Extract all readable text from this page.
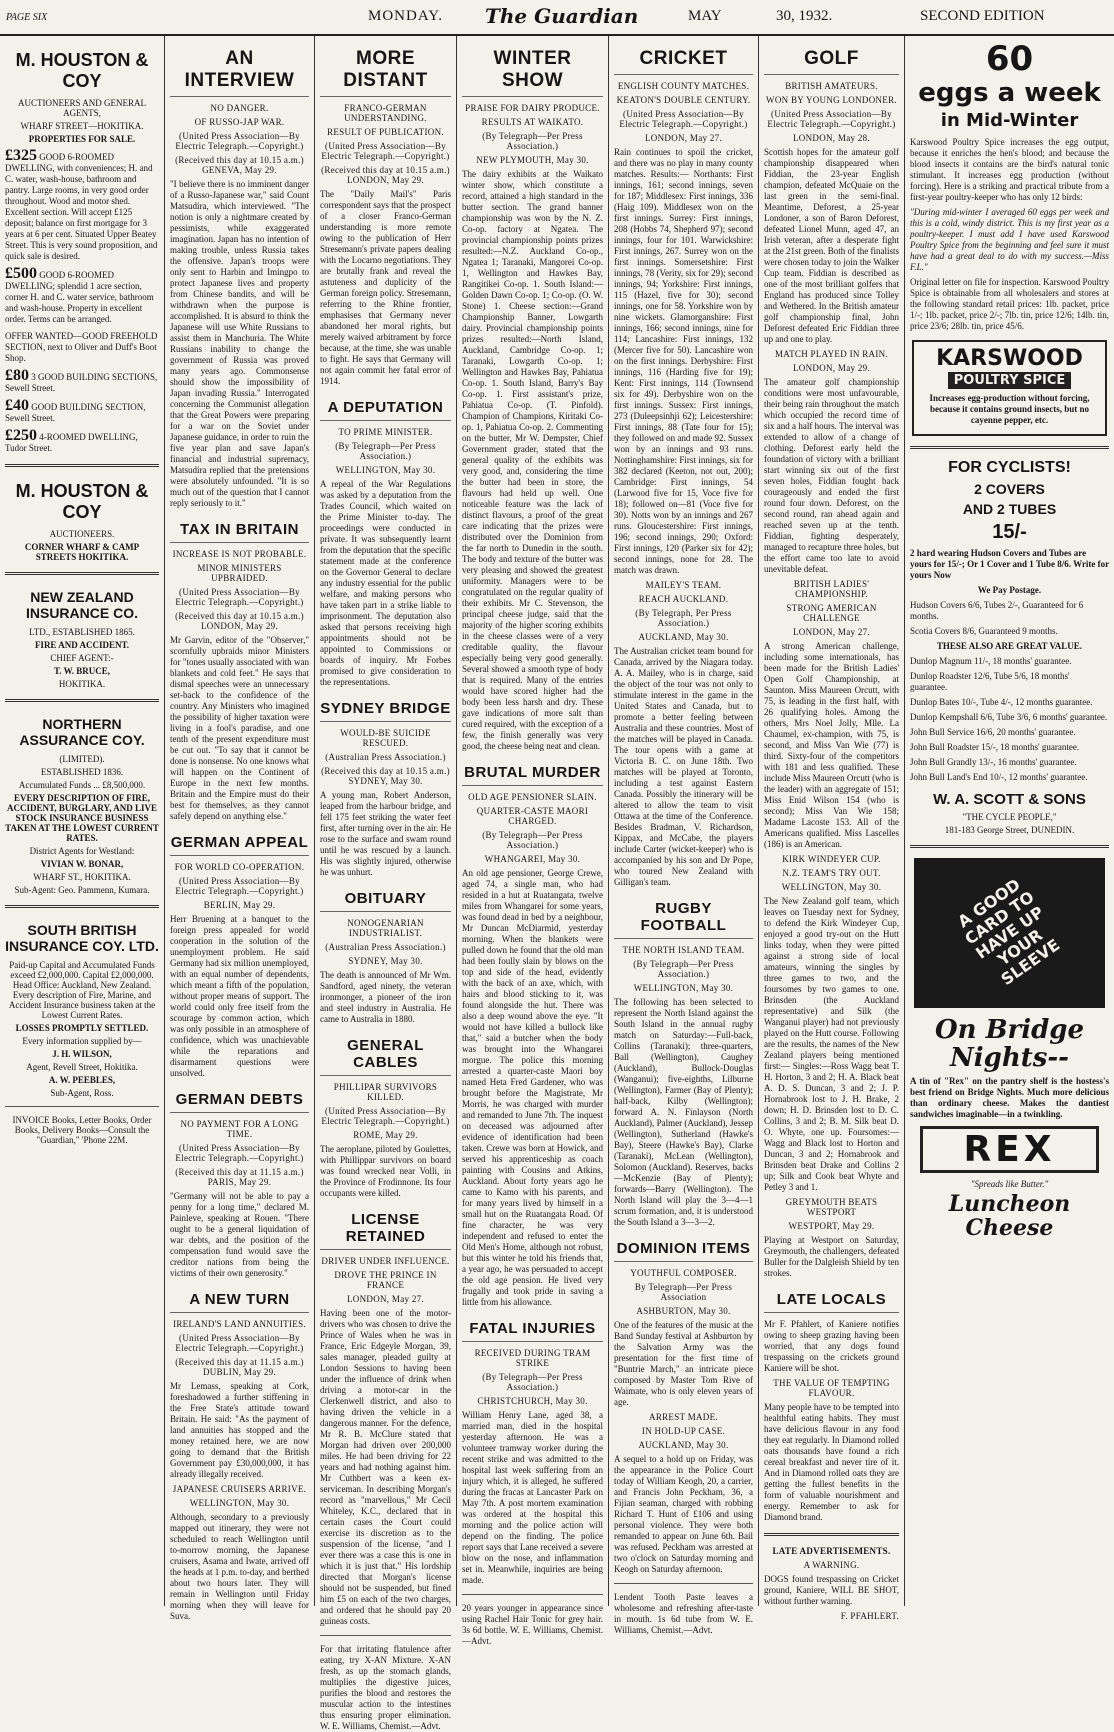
PAGE SIX	MONDAY. The Guardian	MAY	30, 1932.	SECOND EDITION
M. HOUSTON & COY
AUCTIONEERS AND GENERAL AGENTS,
WHARF STREET—HOKITIKA.
PROPERTIES FOR SALE.
£325 GOOD 6-ROOMED DWELLING, with conveniences; H. and C. water, wash-house, bathroom and pantry. Large rooms, in very good order throughout. Wood and motor shed. Excellent section. Will accept £125 deposit; balance on first mortgage for 3 years at 6 per cent. Situated Upper Beatey Street. This is very sound proposition, and quick sale is desired.
£500 GOOD 6-ROOMED DWELLING; splendid 1 acre section, corner H. and C. water service, bathroom and wash-house. Property in excellent order. Terms can be arranged.
OFFER WANTED—GOOD FREEHOLD SECTION, next to Oliver and Duff's Boot Shop.
£80 3 GOOD BUILDING SECTIONS, Sewell Street.
£40 GOOD BUILDING SECTION, Sewell Street.
£250 4-ROOMED DWELLING, Tudor Street.
M. HOUSTON & COY
AUCTIONEERS.
CORNER WHARF & CAMP STREETS HOKITIKA.
NEW ZEALAND INSURANCE CO.
LTD., ESTABLISHED 1865.
FIRE AND ACCIDENT.
CHIEF AGENT:-
T. W. BRUCE,
HOKITIKA.
NORTHERN ASSURANCE COY.
(LIMITED).
ESTABLISHED 1836.
Accumulated Funds ... £8,500,000.
EVERY DESCRIPTION OF FIRE, ACCIDENT, BURGLARY, AND LIVE STOCK INSURANCE BUSINESS TAKEN AT THE LOWEST CURRENT RATES.
District Agents for Westland:
VIVIAN W. BONAR,
WHARF ST., HOKITIKA.
Sub-Agent: Geo. Pammenn, Kumara.
SOUTH BRITISH INSURANCE COY. LTD.
Paid-up Capital and Accumulated Funds exceed £2,000,000. Capital £2,000,000. Head Office: Auckland, New Zealand. Every description of Fire, Marine, and Accident Insurance business taken at the Lowest Current Rates.
LOSSES PROMPTLY SETTLED.
Every information supplied by—
J. H. WILSON,
Agent, Revell Street, Hokitika.
A. W. PEEBLES,
Sub-Agent, Ross.
INVOICE Books, Letter Books, Order Books, Delivery Books—Consult the "Guardian," 'Phone 22M.
AN INTERVIEW
NO DANGER.
OF RUSSO-JAP WAR.
(United Press Association—By Electric Telegraph.—Copyright.)
(Received this day at 10.15 a.m.) GENEVA, May 29.
"I believe there is no imminent danger of a Russo-Japanese war," said Count Matsudira, which interviewed. "The notion is only a nightmare created by pessimists, while exaggerated imagination. Japan has no intention of making trouble, unless Russia takes the offensive. Japan's troops were only sent to Harbin and Imingpo to protect Japanese lives and property from Chinese bandits, and will be withdrawn when the purpose is accomplished. It is absurd to think the Japanese will use White Russians to assist them in Manchuria. The White Russians inability to change the government of Russia was proved many years ago. Commonsense should show the impossibility of Japan invading Russia." Interrogated concerning the Communist allegation that the Great Powers were preparing for a war on the Soviet under Japanese guidance, in order to ruin the five year plan and save Japan's financial and industrial supremacy, Matsudira replied that the pretensions were absolutely unfounded. "It is so much out of the question that I cannot reply seriously to it."
TAX IN BRITAIN
INCREASE IS NOT PROBABLE.
MINOR MINISTERS UPBRAIDED.
(United Press Association—By Electric Telegraph.—Copyright.)
(Received this day at 10.15 a.m.) LONDON, May 29.
Mr Garvin, editor of the "Observer," scornfully upbraids minor Ministers for "tones usually associated with wan blankets and cold feet." He says that dismal speeches were an unnecessary set-back to the confidence of the country. Any Ministers who imagined the possibility of higher taxation were living in a fool's paradise, and one tenth of the present expenditure must be cut out. "To say that it cannot be done is nonsense. No one knows what will happen on the Continent of Europe in the next few months. Britain and the Empire must do their best for themselves, as they cannot safely depend on anything else."
GERMAN APPEAL
FOR WORLD CO-OPERATION.
(United Press Association—By Electric Telegraph.—Copyright.)
BERLIN, May 29.
Herr Bruening at a banquet to the foreign press appealed for world cooperation in the solution of the unemployment problem. He said Germany had six million unemployed, with an equal number of dependents, which meant a fifth of the population, without proper means of support. The world could only free itself from the scourage by common action, which was only possible in an atmosphere of confidence, which was unachievable while the reparations and disarmament questions were unsolved.
GERMAN DEBTS
NO PAYMENT FOR A LONG TIME.
(United Press Association—By Electric Telegraph.—Copyright.)
(Received this day at 11.15 a.m.) PARIS, May 29.
"Germany will not be able to pay a penny for a long time," declared M. Painleve, speaking at Rouen. "There ought to be a general liquidation of war debts, and the position of the compensation fund would save the creditor nations from being the victims of their own generosity."
A NEW TURN
IRELAND'S LAND ANNUITIES.
(United Press Association—By Electric Telegraph.—Copyright.)
(Received this day at 11.15 a.m.) DUBLIN, May 29.
Mr Lemass, speaking at Cork, foreshadowed a further stiffening in the Free State's attitude toward Britain. He said: "As the payment of land annuities has stopped and the money retained here, we are now going to demand that the British Government pay £30,000,000, it has already illegally received.
JAPANESE CRUISERS ARRIVE.
WELLINGTON, May 30.
Although, secondary to a previously mapped out itinerary, they were not scheduled to reach Wellington until to-morrow morning, the Japanese cruisers, Asama and Iwate, arrived off the heads at 1 p.m. to-day, and berthed about two hours later. They will remain in Wellington until Friday morning when they will leave for Suva.
MORE DISTANT
FRANCO-GERMAN UNDERSTANDING.
RESULT OF PUBLICATION.
(United Press Association—By Electric Telegraph.—Copyright.)
(Received this day at 10.15 a.m.) LONDON, May 29.
The "Daily Mail's" Paris correspondent says that the prospect of a closer Franco-German understanding is more remote owing to the publication of Herr Stresemann's private papers dealing with the Locarno negotiations. They are brutally frank and reveal the astuteness and duplicity of the German foreign policy. Stresemann, referring to the Rhine frontier, emphasises that Germany never abandoned her moral rights, but merely waived arbitrament by force because, at the time, she was unable to fight. He says that Germany will not again commit her fatal error of 1914.
A DEPUTATION
TO PRIME MINISTER.
(By Telegraph—Per Press Association.)
WELLINGTON, May 30.
A repeal of the War Regulations was asked by a deputation from the Trades Council, which waited on the Prime Minister to-day. The proceedings were conducted in private. It was subsequently learnt from the deputation that the specific statement made at the conference on the Governor General to declare any industry essential for the public welfare, and making persons who have taken part in a strike liable to imprisonment. The deputation also asked that persons receiving high appointments should not be appointed to Commissions or boards of inquiry. Mr Forbes promised to give consideration to the representations.
SYDNEY BRIDGE
WOULD-BE SUICIDE RESCUED.
(Australian Press Association.)
(Received this day at 10.15 a.m.) SYDNEY, May 30.
A young man, Robert Anderson, leaped from the harbour bridge, and fell 175 feet striking the water feet first, after turning over in the air. He rose to the surface and swam round until he was rescued by a launch. His was slightly injured, otherwise he was unhurt.
OBITUARY
NONOGENARIAN INDUSTRIALIST.
(Australian Press Association.)
SYDNEY, May 30.
The death is announced of Mr Wm. Sandford, aged ninety, the veteran ironmonger, a pioneer of the iron and steel industry in Australia. He came to Australia in 1880.
GENERAL CABLES
PHILLIPAR SURVIVORS KILLED.
(United Press Association—By Electric Telegraph.—Copyright.)
ROME, May 29.
The aeroplane, piloted by Goulettes, with Phillippar survivors on board was found wrecked near Volli, in the Province of Frodinnone. Its four occupants were killed.
LICENSE RETAINED
DRIVER UNDER INFLUENCE.
DROVE THE PRINCE IN FRANCE
LONDON, May 27.
Having been one of the motor-drivers who was chosen to drive the Prince of Wales when he was in France, Eric Edgeyle Morgan, 39, sales manager, pleaded guilty at London Sessions to having been under the influence of drink when driving a motor-car in the Clerkenwell district, and also to having driven the vehicle in a dangerous manner. For the defence, Mr R. B. McClure stated that Morgan had driven over 200,000 miles. He had been driving for 22 years and had nothing against him. Mr Cuthbert was a keen ex-serviceman. In describing Morgan's record as "marvellous," Mr Cecil Whiteley, K.C., declared that in certain cases the Court could exercise its discretion as to the suspension of the license, "and I ever there was a case this is one in which it is just that." His lordship directed that Morgan's license should not be suspended, but fined him £5 on each of the two charges, and ordered that he should pay 20 guineas costs.
For that irritating flatulence after eating, try X-AN Mixture. X-AN fresh, as up the stomach glands, multiplies the digestive juices, purifies the blood and restores the muscular action to the intestines thus ensuring proper elimination. W. E. Williams, Chemist.—Advt.
WINTER SHOW
PRAISE FOR DAIRY PRODUCE.
RESULTS AT WAIKATO.
(By Telegraph—Per Press Association.)
NEW PLYMOUTH, May 30.
The dairy exhibits at the Waikato winter show, which constitute a record, attained a high standard in the butter section. The grand banner championship was won by the N. Z. Co-op. factory at Ngatea. The provincial championship points prizes resulted:—N.Z. Auckland Co-op., Ngatea 1; Taranaki, Mangorei Co-op. 1, Wellington and Hawkes Bay, Rangitikei Co-op. 1. South Island:—Golden Dawn Co-op. 1; Co-op. (O. W. Stone) 1. Cheese section:—Grand Championship Banner, Lowgarth dairy. Provincial championship points prizes resulted:—North Island, Auckland, Cambridge Co-op. 1; Taranaki, Lowgarth Co-op. 1; Wellington and Hawkes Bay, Pahiatua Co-op. 1. South Island, Barry's Bay Co-op. 1. First assistant's prize, Pahiatua Co-op. (T. Pinfold). Champion of Champions, Kiritaki Co-op. 1, Pahiatua Co-op. 2. Commenting on the butter, Mr W. Dempster, Chief Government grader, stated that the general quality of the exhibits was very good, and, considering the time the butter had been in store, the flavours had held up well. One noticeable feature was the lack of distinct flavours, a proof of the great care indicating that the prizes were distributed over the Dominion from the far north to Dunedin in the south. The body and texture of the butter was very pleasing and showed the greatest uniformity. Managers were to be congratulated on the regular quality of their exhibits. Mr C. Stevenson, the principal cheese judge, said that the majority of the higher scoring exhibits in the cheese classes were of a very creditable quality, the flavour especially being very good generally. Several showed a smooth type of body that is required. Many of the entries would have scored higher had the body been less harsh and dry. These gave indications of more salt than cured required, with the exception of a few, the finish generally was very good, the cheese being neat and clean.
BRUTAL MURDER
OLD AGE PENSIONER SLAIN.
QUARTER-CASTE MAORI CHARGED.
(By Telegraph—Per Press Association.)
WHANGAREI, May 30.
An old age pensioner, George Crewe, aged 74, a single man, who had resided in a hut at Ruatangata, twelve miles from Whangarei for some years, was found dead in bed by a neighbour, Mr Duncan McDiarmid, yesterday morning. When the blankets were pulled down he found that the old man had been foully slain by blows on the top and side of the head, evidently with the back of an axe, which, with hairs and blood sticking to it, was found alongside the hut. There was also a deep wound above the eye. "It would not have killed a bullock like that," said a butcher when the body was brought into the Whangarei morgue. The police this morning arrested a quarter-caste Maori boy named Heta Fred Gardener, who was brought before the Magistrate, Mr Morris, he was charged with murder and remanded to June 7th. The inquest on deceased was adjourned after evidence of identification had been taken. Crewe was born at Howick, and served his apprenticeship as coach painting with Cousins and Atkins, Auckland. About forty years ago he came to Kamo with his parents, and for many years lived by himself in a small hut on the Ruatangata Road. Of fine character, he was very independent and refused to enter the Old Men's Home, although not robust, but this winter he told his friends that, a year ago, he was persuaded to accept the old age pension. He lived very frugally and took pride in saving a little from his allowance.
FATAL INJURIES
RECEIVED DURING TRAM STRIKE
(By Telegraph—Per Press Association.)
CHRISTCHURCH, May 30.
William Henry Lane, aged 38, a married man, died in the hospital yesterday afternoon. He was a volunteer tramway worker during the recent strike and was admitted to the hospital last week suffering from an injury which, it is alleged, he suffered during the fracas at Lancaster Park on May 7th. A post mortem examination was ordered at the hospital this morning and the police action will depend on the finding. The police report says that Lane received a severe blow on the nose, and inflammation set in. Meanwhile, inquiries are being made.
20 years younger in appearance since using Rachel Hair Tonic for grey hair. 3s 6d bottle. W. E. Williams, Chemist.—Advt.
CRICKET
ENGLISH COUNTY MATCHES.
KEATON'S DOUBLE CENTURY.
(United Press Association—By Electric Telegraph.—Copyright.)
LONDON, May 27.
Rain continues to spoil the cricket, and there was no play in many county matches. Results:— Northants: First innings, 161; second innings, seven for 187; Middlesex: First innings, 336 (Haig 109). Middlesex won on the first innings. Surrey: First innings, 208 (Hobbs 74, Shepherd 97); second innings, four for 101. Warwickshire: First innings, 267. Surrey won on the first innings. Somersetshire: First innings, 78 (Verity, six for 29); second innings, 94; Yorkshire: First innings, 115 (Hazel, five for 30); second innings, one for 58. Yorkshire won by nine wickets. Glamorganshire: First innings, 166; second innings, nine for 114; Lancashire: First innings, 132 (Mercer five for 50). Lancashire won on the first innings. Derbyshire: First innings, 116 (Harding five for 19); Kent: First innings, 114 (Townsend six for 49). Derbyshire won on the first innings. Sussex: First innings, 273 (Duleepsinhji 62); Leicestershire: First innings, 88 (Tate four for 15); they followed on and made 92. Sussex won by an innings and 93 runs. Nottinghamshire: First innings, six for 382 declared (Keeton, not out, 200); Cambridge: First innings, 54 (Larwood five for 15, Voce five for 18); followed on—81 (Voce five for 30). Notts won by an innings and 267 runs. Gloucestershire: First innings, 196; second innings, 290; Oxford: First innings, 120 (Parker six for 42); second innings, none for 28. The match was drawn.
MAILEY'S TEAM.
REACH AUCKLAND.
(By Telegraph, Per Press Association.)
AUCKLAND, May 30.
The Australian cricket team bound for Canada, arrived by the Niagara today. A. A. Mailey, who is in charge, said the object of the tour was not only to stimulate interest in the game in the United States and Canada, but to promote a better feeling between Australia and these countries. Most of the matches will be played in Canada. The tour opens with a game at Victoria B. C. on June 18th. Two matches will be played at Toronto, including a test against Eastern Canada. Possibly the itinerary will be altered to allow the team to visit Ottawa at the time of the Conference. Besides Bradman, V. Richardson, Kippax, and McCabe, the players include Carter (wicket-keeper) who is accompanied by his son and Dr Pope, who toured New Zealand with Gilligan's team.
RUGBY FOOTBALL
THE NORTH ISLAND TEAM.
(By Telegraph—Per Press Association.)
WELLINGTON, May 30.
The following has been selected to represent the North Island against the South Island in the annual rugby match on Saturday:—Full-back, Collins (Taranaki); three-quarters, Ball (Wellington), Caughey (Auckland), Bullock-Douglas (Wanganui); five-eighths, Lilburne (Wellington), Farmer (Bay of Plenty); half-back, Kilby (Wellington); forward A. N. Finlayson (North Auckland), Palmer (Auckland), Jessep (Wellington), Sutherland (Hawke's Bay), Steere (Hawke's Bay), Clarke (Taranaki), McLean (Wellington), Solomon (Auckland). Reserves, backs—McKenzie (Bay of Plenty); forwards—Barry (Wellington). The North Island will play the 3—4—1 scrum formation, and, it is understood the South Island a 3—3—2.
DOMINION ITEMS
YOUTHFUL COMPOSER.
By Telegraph—Per Press Association
ASHBURTON, May 30.
One of the features of the music at the Band Sunday festival at Ashburton by the Salvation Army was the presentation for the first time of "Buntrie March," an intricate piece composed by Master Tom Rive of Waimate, who is only eleven years of age.
ARREST MADE.
IN HOLD-UP CASE.
AUCKLAND, May 30.
A sequel to a hold up on Friday, was the appearance in the Police Court today of William Keogh, 20, a carrier, and Francis John Peckham, 36, a Fijian seaman, charged with robbing Richard T. Hunt of £106 and using personal violence. They were both remanded to appear on June 6th. Bail was refused. Peckham was arrested at two o'clock on Saturday morning and Keogh on Saturday afternoon.
Lendent Tooth Paste leaves a wholesome and refreshing after-taste in mouth. 1s 6d tube from W. E. Williams, Chemist.—Advt.
GOLF
BRITISH AMATEURS.
WON BY YOUNG LONDONER.
(United Press Association—By Electric Telegraph.—Copyright.)
LONDON, May 28.
Scottish hopes for the amateur golf championship disappeared when Fiddian, the 23-year English champion, defeated McQuaie on the last green in the semi-final. Meantime, Deforest, a 25-year Londoner, a son of Baron Deforest, defeated Lionel Munn, aged 47, an Irish veteran, after a desperate fight at the 21st green. Both of the finalists were chosen today to join the Walker Cup team. Fiddian is described as one of the most brilliant golfers that England has produced since Tolley and Wethered. In the British amateur golf championship final, John Deforest defeated Eric Fiddian three up and one to play.
MATCH PLAYED IN RAIN.
LONDON, May 29.
The amateur golf championship conditions were most unfavourable, their being rain throughout the match which occupied the record time of six and a half hours. The interval was extended to allow of a change of clothing. Deforest early held the foundation of victory with a brilliant start winning six out of the first seven holes, Fiddian fought back courageously and ended the first round four down. Deforest, on the second round, ran ahead again and reached seven up at the tenth. Fiddian, fighting desperately, managed to recapture three holes, but the effort came too late to avoid unevitable defeat.
BRITISH LADIES' CHAMPIONSHIP.
STRONG AMERICAN CHALLENGE
LONDON, May 27.
A strong American challenge, including some internationals, has been made for the British Ladies' Open Golf Championship, at Saunton. Miss Maureen Orcutt, with 75, is leading in the first half, with 26 qualifying holes. Among the others, Mrs Noel Jolly, Mlle. La Chaumel, ex-champion, with 75, is second, and Miss Van Wie (77) is third. Sixty-four of the competitors with 181 and less qualified. These include Miss Maureen Orcutt (who is the leader) with an aggregate of 151; Miss Enid Wilson 154 (who is second); Miss Van Wie 158; Madame Lacoste 153. All of the Americans qualified. Miss Lascelles (186) is an American.
KIRK WINDEYER CUP.
N.Z. TEAM'S TRY OUT.
WELLINGTON, May 30.
The New Zealand golf team, which leaves on Tuesday next for Sydney, to defend the Kirk Windeyer Cup, enjoyed a good try-out on the Hutt links today, when they were pitted against a strong side of local amateurs, winning the singles by three games to two, and the foursomes by two games to one. Brinsden (the Auckland representative) and Silk (the Wanganui player) had not previously played on the Hutt course. Following are the results, the names of the New Zealand players being mentioned first:— Singles:—Ross Wagg beat T. H. Horton, 3 and 2; H. A. Black beat A. D. S. Duncan, 3 and 2; J. P. Hornabrook lost to J. H. Brake, 2 down; H. D. Brinsden lost to D. C. Collins, 3 and 2; B. M. Silk beat D. O. Whyte, one up. Foursomes:—Wagg and Black lost to Horton and Duncan, 3 and 2; Hornabrook and Brinsden beat Drake and Collins 2 up; Silk and Cook beat Whyte and Petley 3 and 1.
GREYMOUTH BEATS WESTPORT
WESTPORT, May 29.
Playing at Westport on Saturday, Greymouth, the challengers, defeated Buller for the Dalgleish Shield by ten strokes.
LATE LOCALS
Mr F. Pfahlert, of Kaniere notifies owing to sheep grazing having been worried, that any dogs found trespassing on the crickets ground Kaniere will be shot.
THE VALUE OF TEMPTING FLAVOUR.
Many people have to be tempted into healthful eating habits. They must have delicious flavour in any food they eat regularly. In Diamond rolled oats thousands have found a rich cereal breakfast and never tire of it. And in Diamond rolled oats they are getting the fullest benefits in the form of valuable nourishment and energy. Remember to ask for Diamond brand.
LATE ADVERTISEMENTS.
A WARNING.
DOGS found trespassing on Cricket ground, Kaniere, WILL BE SHOT, without further warning.
F. PFAHLERT.
60
eggs a week
in Mid-Winter
Karswood Poultry Spice increases the egg output, because it enriches the hen's blood; and because the blood insects it contains are the bird's natural tonic stimulant. It increases egg production (without forcing). Here is a striking and practical tribute from a first-year poultry-keeper who has only 12 birds:
"During mid-winter I averaged 60 eggs per week and this is a cold, windy district. This is my first year as a poultry-keeper. I must add I have used Karswood Poultry Spice from the beginning and feel sure it must have had a great deal to do with my success.—Miss F.L."
Original letter on file for inspection. Karswood Poultry Spice is obtainable from all wholesalers and stores at the following standard retail prices: 1lb. packet, price 1/-; 1lb. packet, price 2/-; 7lb. tin, price 12/6; 14lb. tin, price 23/6; 28lb. tin, price 45/6.
KARSWOOD
POULTRY SPICE
Increases egg-production without forcing, because it contains ground insects, but no cayenne pepper, etc.
FOR CYCLISTS!
2 COVERS
AND 2 TUBES
15/-
2 hard wearing Hudson Covers and Tubes are yours for 15/-; Or 1 Cover and 1 Tube 8/6. Write for yours Now
We Pay Postage.
Hudson Covers 6/6, Tubes 2/-, Guaranteed for 6 months.
Scotia Covers 8/6, Guaranteed 9 months.
THESE ALSO ARE GREAT VALUE.
Dunlop Magnum 11/-, 18 months' guarantee.
Dunlop Roadster 12/6, Tube 5/6, 18 months' guarantee.
Dunlop Bates 10/-, Tube 4/-, 12 months guarantee.
Dunlop Kempshall 6/6, Tube 3/6, 6 months' guarantee.
John Bull Service 16/6, 20 months' guarantee.
John Bull Roadster 15/-, 18 months' guarantee.
John Bull Grandly 13/-, 16 months' guarantee.
John Bull Land's End 10/-, 12 months' guarantee.
W. A. SCOTT & SONS
"THE CYCLE PEOPLE,"
181-183 George Street, DUNEDIN.
A GOOD CARD TO HAVE UP YOUR SLEEVE
On Bridge Nights--
A tin of "Rex" on the pantry shelf is the hostess's best friend on Bridge Nights. Much more delicious than ordinary cheese. Makes the dantiest sandwiches imaginable—in a twinkling.
REX
"Spreads like Butter."
Luncheon
Cheese
